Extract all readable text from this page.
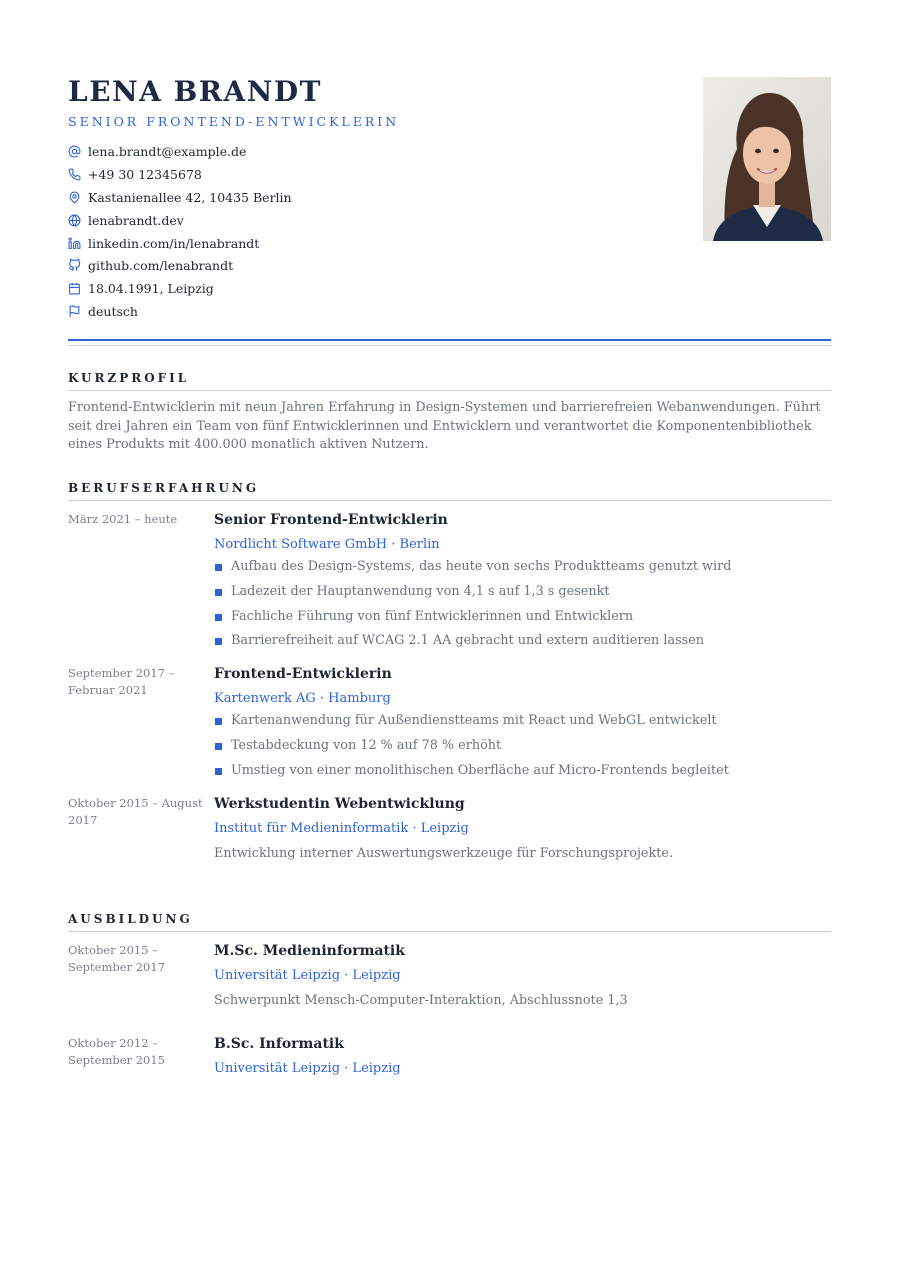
LENA BRANDT
SENIOR FRONTEND-ENTWICKLERIN
lena.brandt@example.de
+49 30 12345678
Kastanienallee 42, 10435 Berlin
lenabrandt.dev
linkedin.com/in/lenabrandt
github.com/lenabrandt
18.04.1991, Leipzig
deutsch
KURZPROFIL

Frontend-Entwicklerin mit neun Jahren Erfahrung in Design-Systemen und barrierefreien Webanwendungen. Führt seit drei Jahren ein Team von fünf Entwicklerinnen und Entwicklern und verantwortet die Komponentenbibliothek eines Produkts mit 400.000 monatlich aktiven Nutzern.

BERUFSERFAHRUNG
März 2021 – heute	Senior Frontend-Entwicklerin
Nordlicht Software GmbH · Berlin
Aufbau des Design-Systems, das heute von sechs Produktteams genutzt wird
Ladezeit der Hauptanwendung von 4,1 s auf 1,3 s gesenkt
Fachliche Führung von fünf Entwicklerinnen und Entwicklern
Barrierefreiheit auf WCAG 2.1 AA gebracht und extern auditieren lassen
September 2017 – Februar 2021
Frontend-Entwicklerin
Kartenwerk AG · Hamburg
Kartenanwendung für Außendienstteams mit React und WebGL entwickelt
Testabdeckung von 12 % auf 78 % erhöht
Umstieg von einer monolithischen Oberfläche auf Micro-Frontends begleitet
Oktober 2015 – August 2017
Werkstudentin Webentwicklung
Institut für Medieninformatik · Leipzig
Entwicklung interner Auswertungswerkzeuge für Forschungsprojekte.
AUSBILDUNG
Oktober 2015 – September 2017
M.Sc. Medieninformatik
Universität Leipzig · Leipzig
Schwerpunkt Mensch-Computer-Interaktion, Abschlussnote 1,3
Oktober 2012 – September 2015
B.Sc. Informatik
Universität Leipzig · Leipzig
